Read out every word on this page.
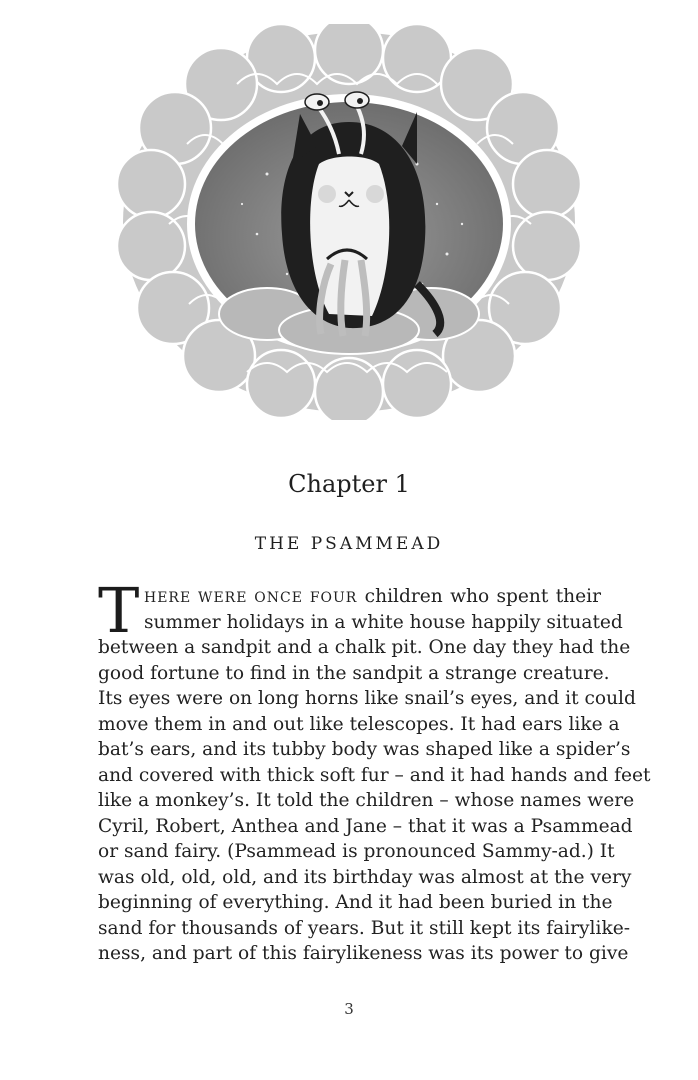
Chapter 1
THE PSAMMEAD
T HERE WERE ONCE FOUR children who spent their
summer holidays in a white house happily situated
between a sandpit and a chalk pit. One day they had the
good fortune to find in the sandpit a strange creature.
Its eyes were on long horns like snail’s eyes, and it could
move them in and out like telescopes. It had ears like a
bat’s ears, and its tubby body was shaped like a spider’s
and covered with thick soft fur – and it had hands and feet
like a monkey’s. It told the children – whose names were
Cyril, Robert, Anthea and Jane – that it was a Psammead
or sand fairy. (Psammead is pronounced Sammy-ad.) It
was old, old, old, and its birthday was almost at the very
beginning of everything. And it had been buried in the
sand for thousands of years. But it still kept its fairylike-
ness, and part of this fairylikeness was its power to give
3
